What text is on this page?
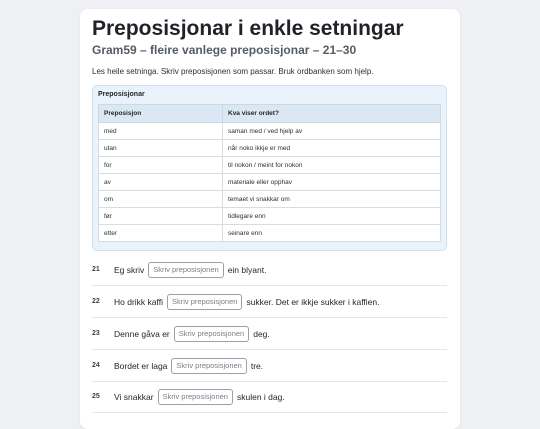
Preposisjonar i enkle setningar
Gram59 – fleire vanlege preposisjonar – 21–30
Les heile setninga. Skriv preposisjonen som passar. Bruk ordbanken som hjelp.
Preposisjonar
Preposisjon	Kva viser ordet?
med	saman med / ved hjelp av
utan	når noko ikkje er med
for	til nokon / meint for nokon
av	materiale eller opphav
om	temaet vi snakkar om
før	tidlegare enn
etter	seinare enn
21	Eg skriv	Skriv preposisjonen	ein blyant.
22	Ho drikk kaffi	Skriv preposisjonen	sukker. Det er ikkje sukker i kaffien.
23	Denne gåva er	Skriv preposisjonen	deg.
24	Bordet er laga	Skriv preposisjonen	tre.
25	Vi snakkar	Skriv preposisjonen	skulen i dag.
